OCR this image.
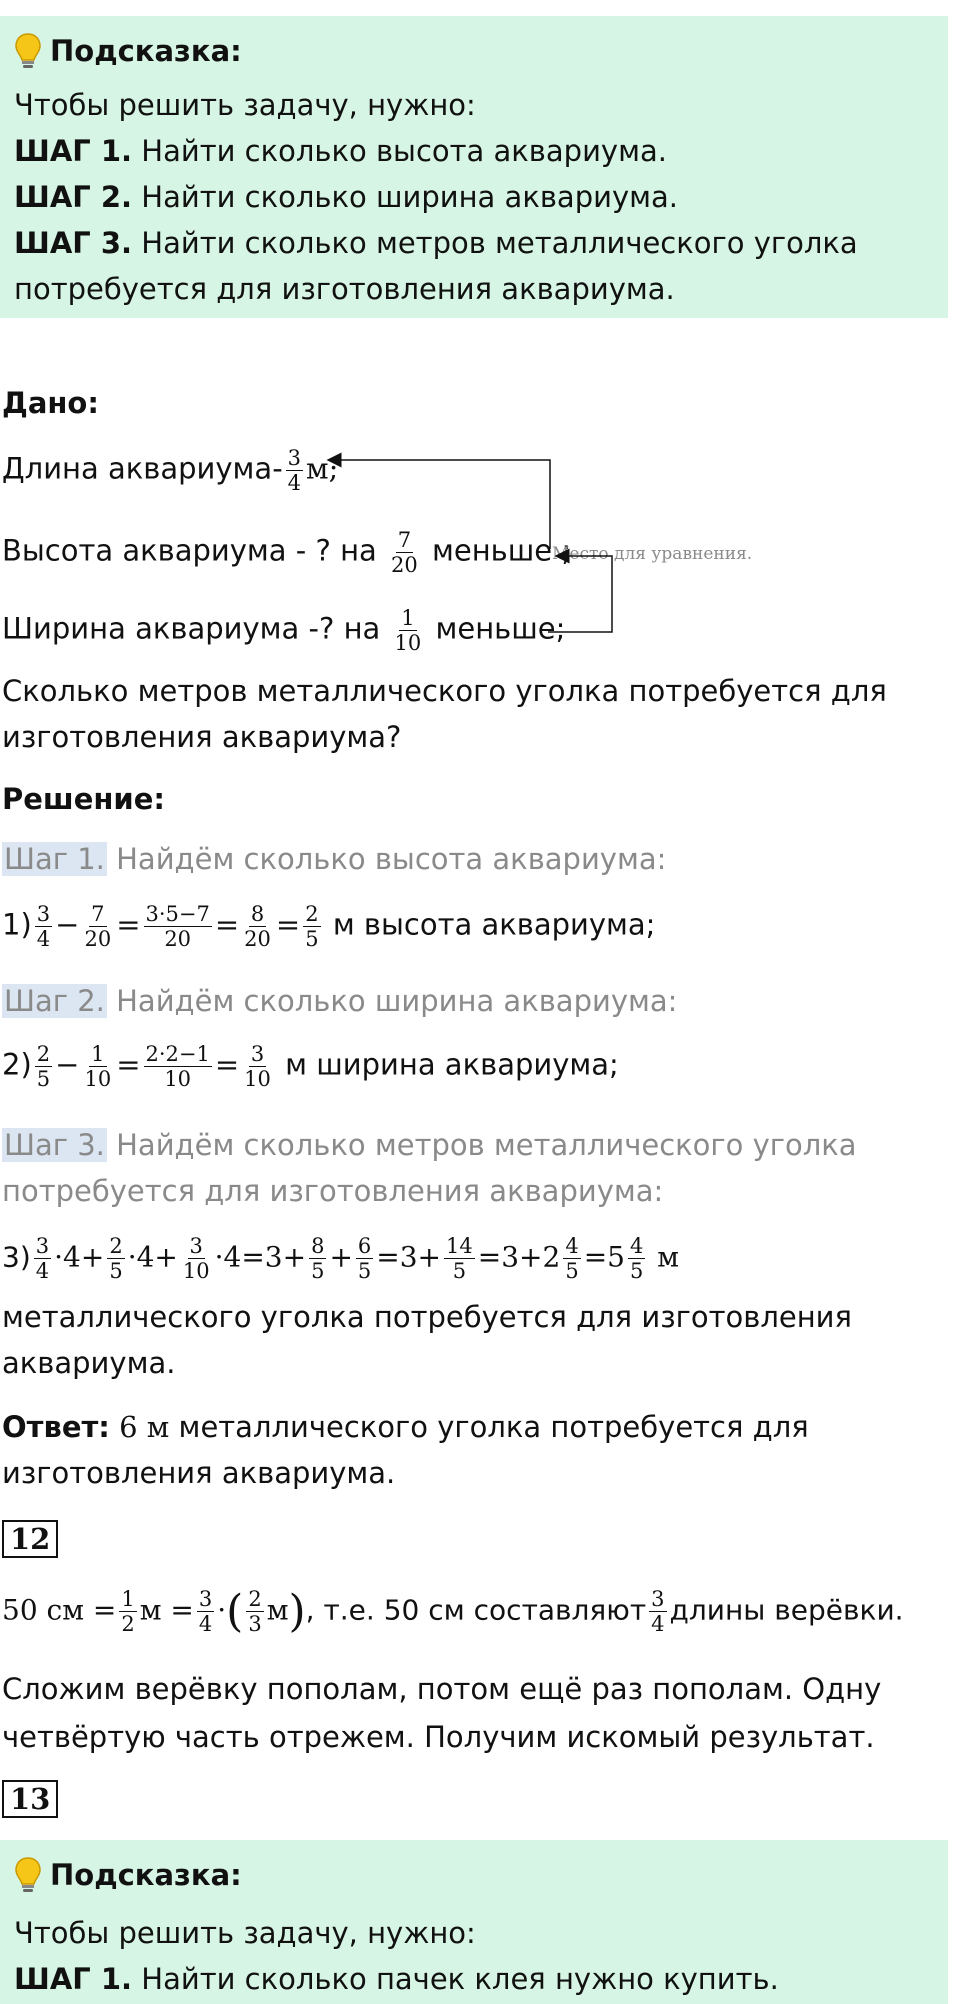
Подсказка:
Чтобы решить задачу, нужно:
ШАГ 1. Найти сколько высота аквариума.
ШАГ 2. Найти сколько ширина аквариума.
ШАГ 3. Найти сколько метров металлического уголка
потребуется для изготовления аквариума.
Дано:
Длина аквариума- $\frac{3}{4} м$;
Высота аквариума - ? на $\frac{7}{20}$ меньше ;
Место для уравнения.
Ширина аквариума -? на $\frac{1}{10}$ меньше;
Сколько метров металлического уголка потребуется для
изготовления аквариума?
Решение:
Шаг 1. Найдём сколько высота аквариума:
$1) \frac{3}{4} - \frac{7}{20} = \frac{3\cdot 5-7}{20} = \frac{8}{20} = \frac{2}{5}$ м высота аквариума;
Шаг 2. Найдём сколько ширина аквариума:
$2) \frac{2}{5} - \frac{1}{10} = \frac{2\cdot 2-1}{10} = \frac{3}{10}$ м ширина аквариума;
Шаг 3. Найдём сколько метров металлического уголка
потребуется для изготовления аквариума:
$3) \frac{3}{4} \cdot 4+ \frac{2}{5} \cdot 4+ \frac{3}{10} \cdot 4=3+ \frac{8}{5} + \frac{6}{5} =3+ \frac{14}{5} =3+2 \frac{4}{5} =5 \frac{4}{5}$ м
металлического уголка потребуется для изготовления
аквариума.
Ответ: 6 м металлического уголка потребуется для
изготовления аквариума.
12
50 см = $\frac{1}{2}$ $м = \frac{3}{4}$ ·( $\frac{2}{3} м$), т.е. 50 см составляют $\frac{3}{4}$ длины верёвки.
Сложим верёвку пополам, потом ещё раз пополам. Одну
четвёртую часть отрежем. Получим искомый результат.
13
Подсказка:
Чтобы решить задачу, нужно:
ШАГ 1. Найти сколько пачек клея нужно купить.
